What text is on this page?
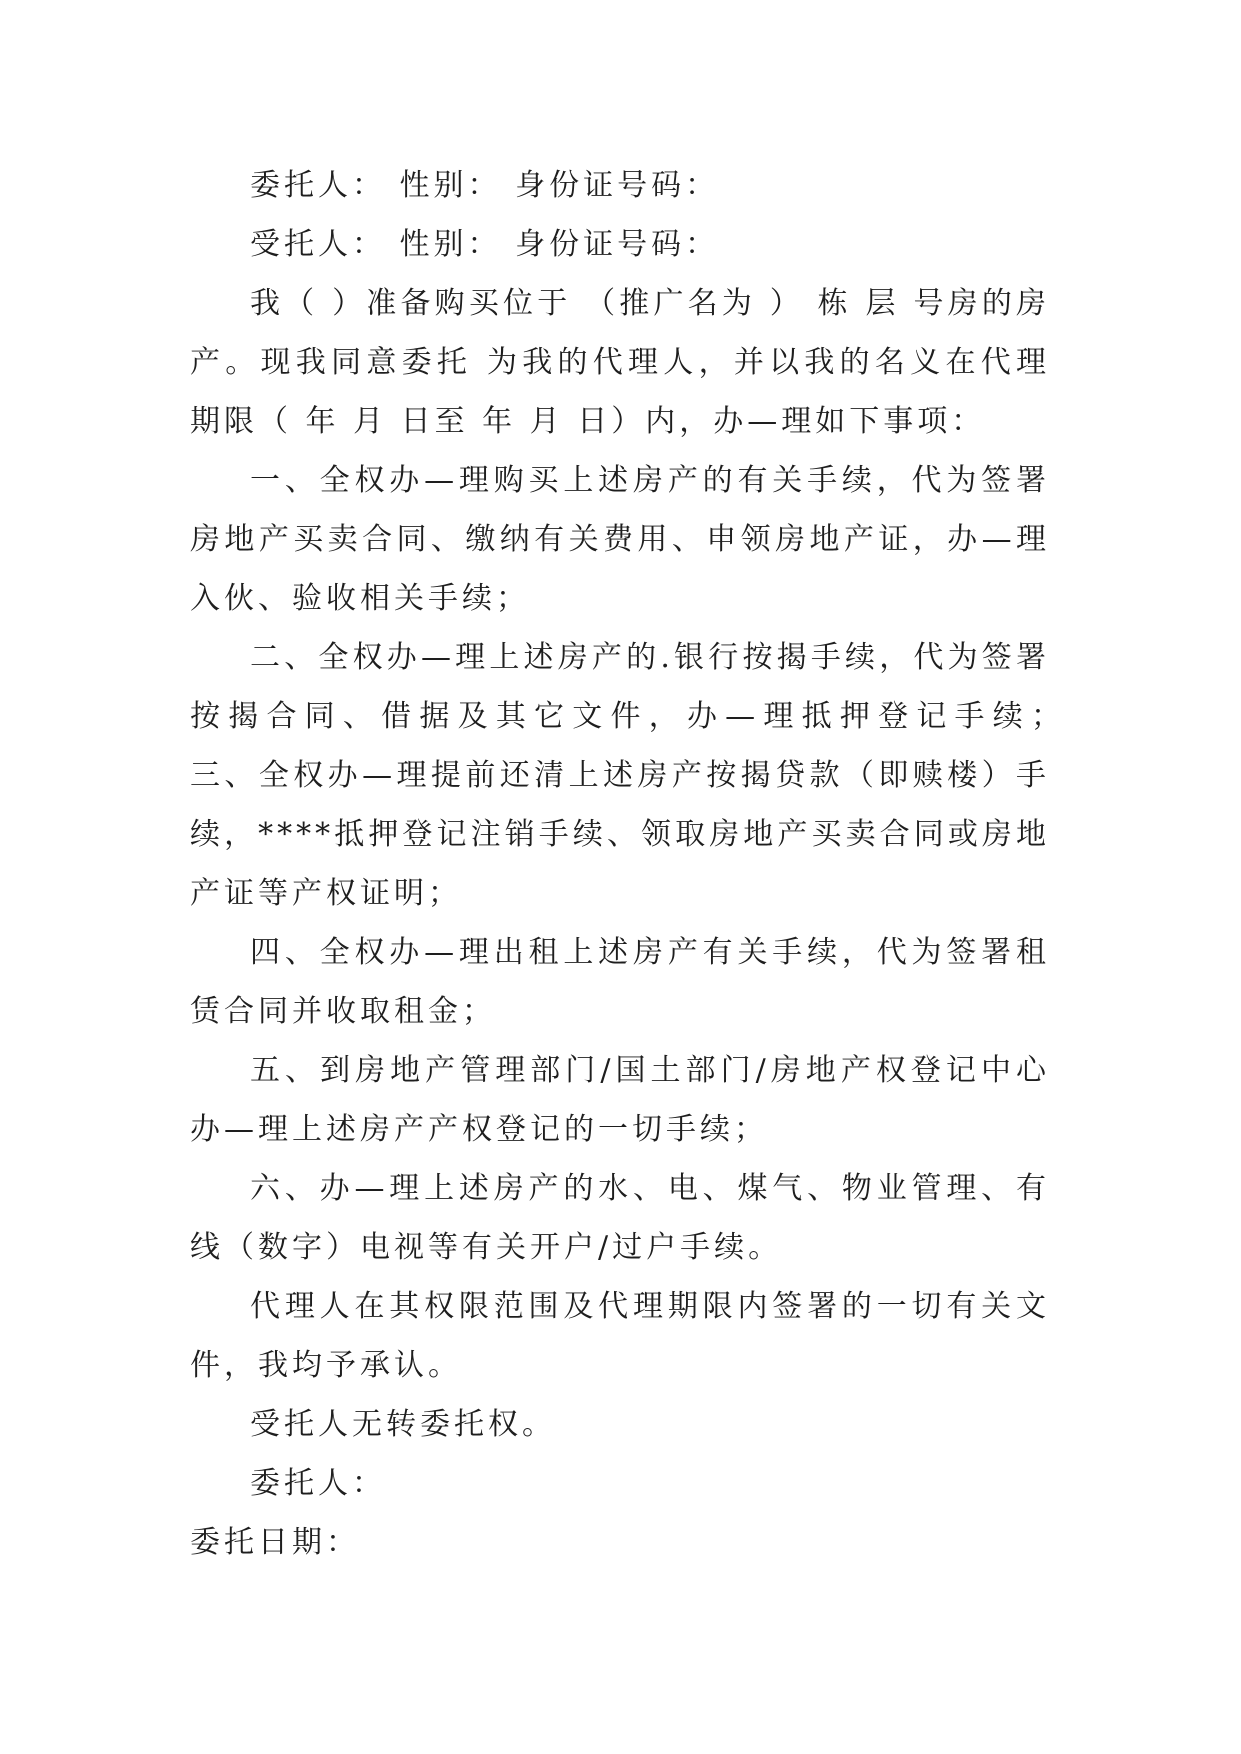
委托人： 性别： 身份证号码：

受托人： 性别： 身份证号码：

我（ ）准备购买位于 （推广名为 ） 栋 层 号房的房产。现我同意委托 为我的代理人，并以我的名义在代理期限（ 年 月 日至 年 月 日）内，办—理如下事项：

一、全权办—理购买上述房产的有关手续，代为签署房地产买卖合同、缴纳有关费用、申领房地产证，办—理入伙、验收相关手续；

二、全权办—理上述房产的.银行按揭手续，代为签署按揭合同、借据及其它文件，办—理抵押登记手续；　 三、全权办—理提前还清上述房产按揭贷款（即赎楼）手续，****抵押登记注销手续、领取房地产买卖合同或房地产证等产权证明；

四、全权办—理出租上述房产有关手续，代为签署租赁合同并收取租金；

五、到房地产管理部门/国土部门/房地产权登记中心办—理上述房产产权登记的一切手续；

六、办—理上述房产的水、电、煤气、物业管理、有线（数字）电视等有关开户/过户手续。

代理人在其权限范围及代理期限内签署的一切有关文件，我均予承认。

受托人无转委托权。

委托人：

委托日期：
